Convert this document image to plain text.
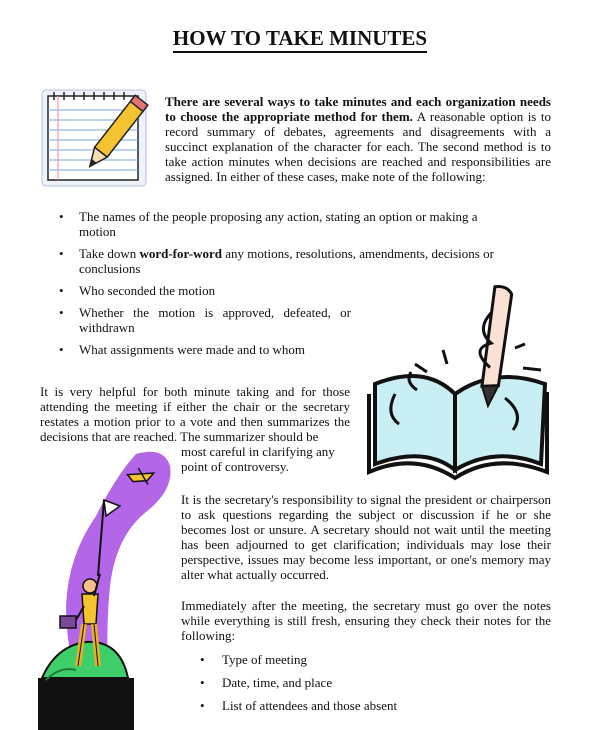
HOW TO TAKE MINUTES
There are several ways to take minutes and each organization needs to choose the appropriate method for them. A reasonable option is to record summary of debates, agreements and disagreements with a succinct explanation of the character for each. The second method is to take action minutes when decisions are reached and responsibilities are assigned. In either of these cases, make note of the following:
• The names of the people proposing any action, stating an option or making a motion
• Take down word-for-word any motions, resolutions, amendments, decisions or conclusions
• Who seconded the motion
• Whether the motion is approved, defeated, or withdrawn
• What assignments were made and to whom
It is very helpful for both minute taking and for those attending the meeting if either the chair or the secretary restates a motion prior to a vote and then summarizes the decisions that are reached. The summarizer should be
most careful in clarifying any point of controversy.
It is the secretary's responsibility to signal the president or chairperson to ask questions regarding the subject or discussion if he or she becomes lost or unsure. A secretary should not wait until the meeting has been adjourned to get clarification; individuals may lose their perspective, issues may become less important, or one's memory may alter what actually occurred.
Immediately after the meeting, the secretary must go over the notes while everything is still fresh, ensuring they check their notes for the following:
• Type of meeting
• Date, time, and place
• List of attendees and those absent
